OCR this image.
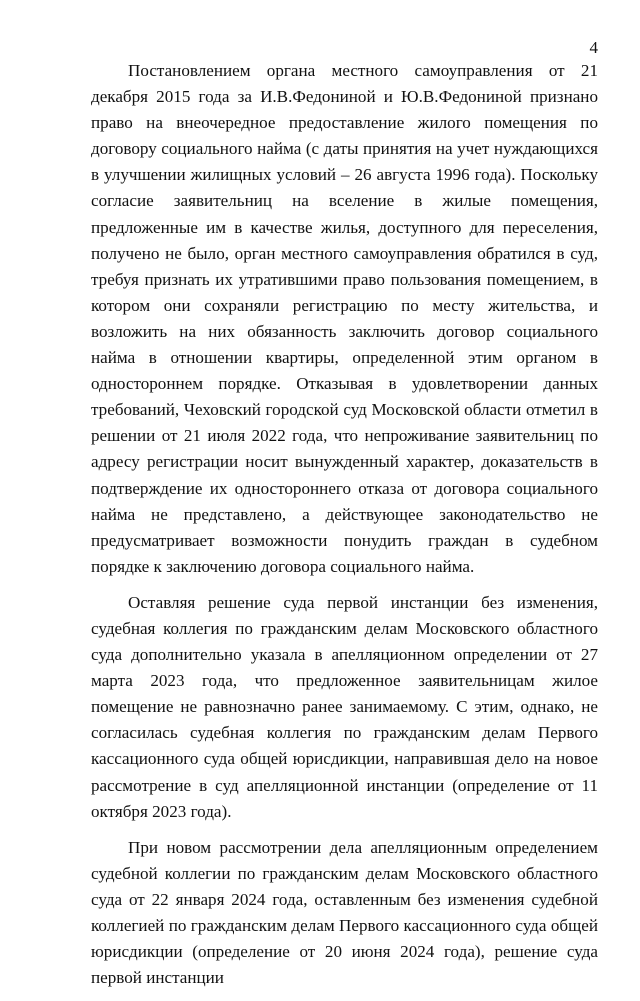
4

Постановлением органа местного самоуправления от 21 декабря 2015 года за И.В.Федониной и Ю.В.Федониной признано право на внеочередное предоставление жилого помещения по договору социального найма (с даты принятия на учет нуждающихся в улучшении жилищных условий – 26 августа 1996 года). Поскольку согласие заявительниц на вселение в жилые помещения, предложенные им в качестве жилья, доступного для переселения, получено не было, орган местного самоуправления обратился в суд, требуя признать их утратившими право пользования помещением, в котором они сохраняли регистрацию по месту жительства, и возложить на них обязанность заключить договор социального найма в отношении квартиры, определенной этим органом в одностороннем порядке. Отказывая в удовлетворении данных требований, Чеховский городской суд Московской области отметил в решении от 21 июля 2022 года, что непроживание заявительниц по адресу регистрации носит вынужденный характер, доказательств в подтверждение их одностороннего отказа от договора социального найма не представлено, а действующее законодательство не предусматривает возможности понудить граждан в судебном порядке к заключению договора социального найма.

Оставляя решение суда первой инстанции без изменения, судебная коллегия по гражданским делам Московского областного суда дополнительно указала в апелляционном определении от 27 марта 2023 года, что предложенное заявительницам жилое помещение не равнозначно ранее занимаемому. С этим, однако, не согласилась судебная коллегия по гражданским делам Первого кассационного суда общей юрисдикции, направившая дело на новое рассмотрение в суд апелляционной инстанции (определение от 11 октября 2023 года).

При новом рассмотрении дела апелляционным определением судебной коллегии по гражданским делам Московского областного суда от 22 января 2024 года, оставленным без изменения судебной коллегией по гражданским делам Первого кассационного суда общей юрисдикции (определение от 20 июня 2024 года), решение суда первой инстанции
